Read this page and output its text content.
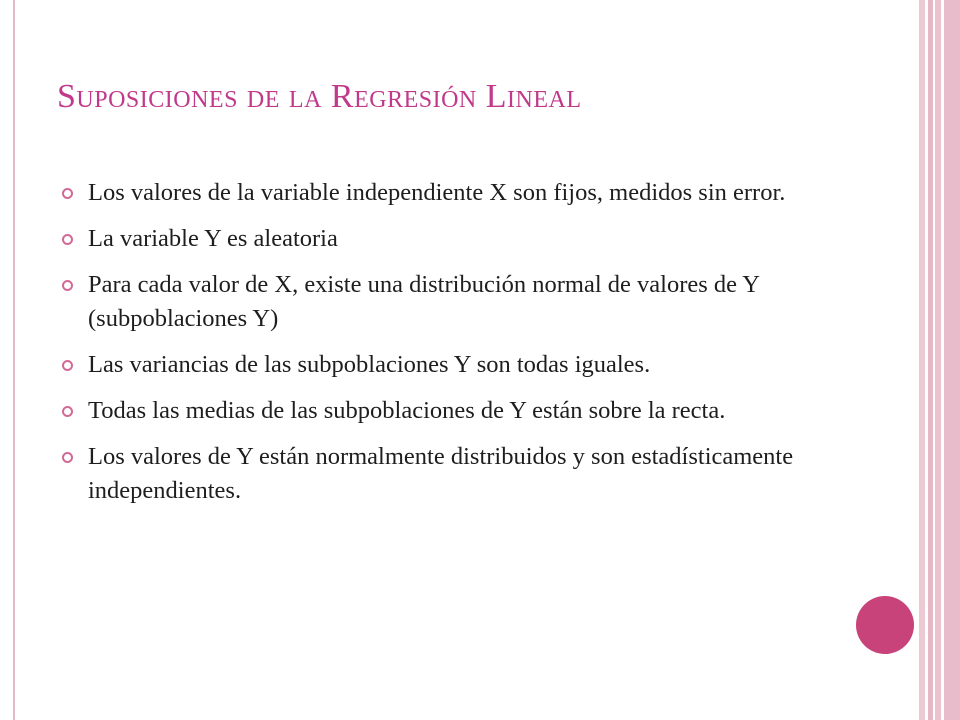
Suposiciones de la Regresión Lineal
Los valores de la variable independiente X son fijos, medidos sin error.
La variable Y es aleatoria
Para cada valor de X, existe una distribución normal de valores de Y (subpoblaciones Y)
Las variancias de las subpoblaciones Y son todas iguales.
Todas las medias de las subpoblaciones de Y están sobre la recta.
Los valores de Y están normalmente distribuidos y son estadísticamente independientes.
